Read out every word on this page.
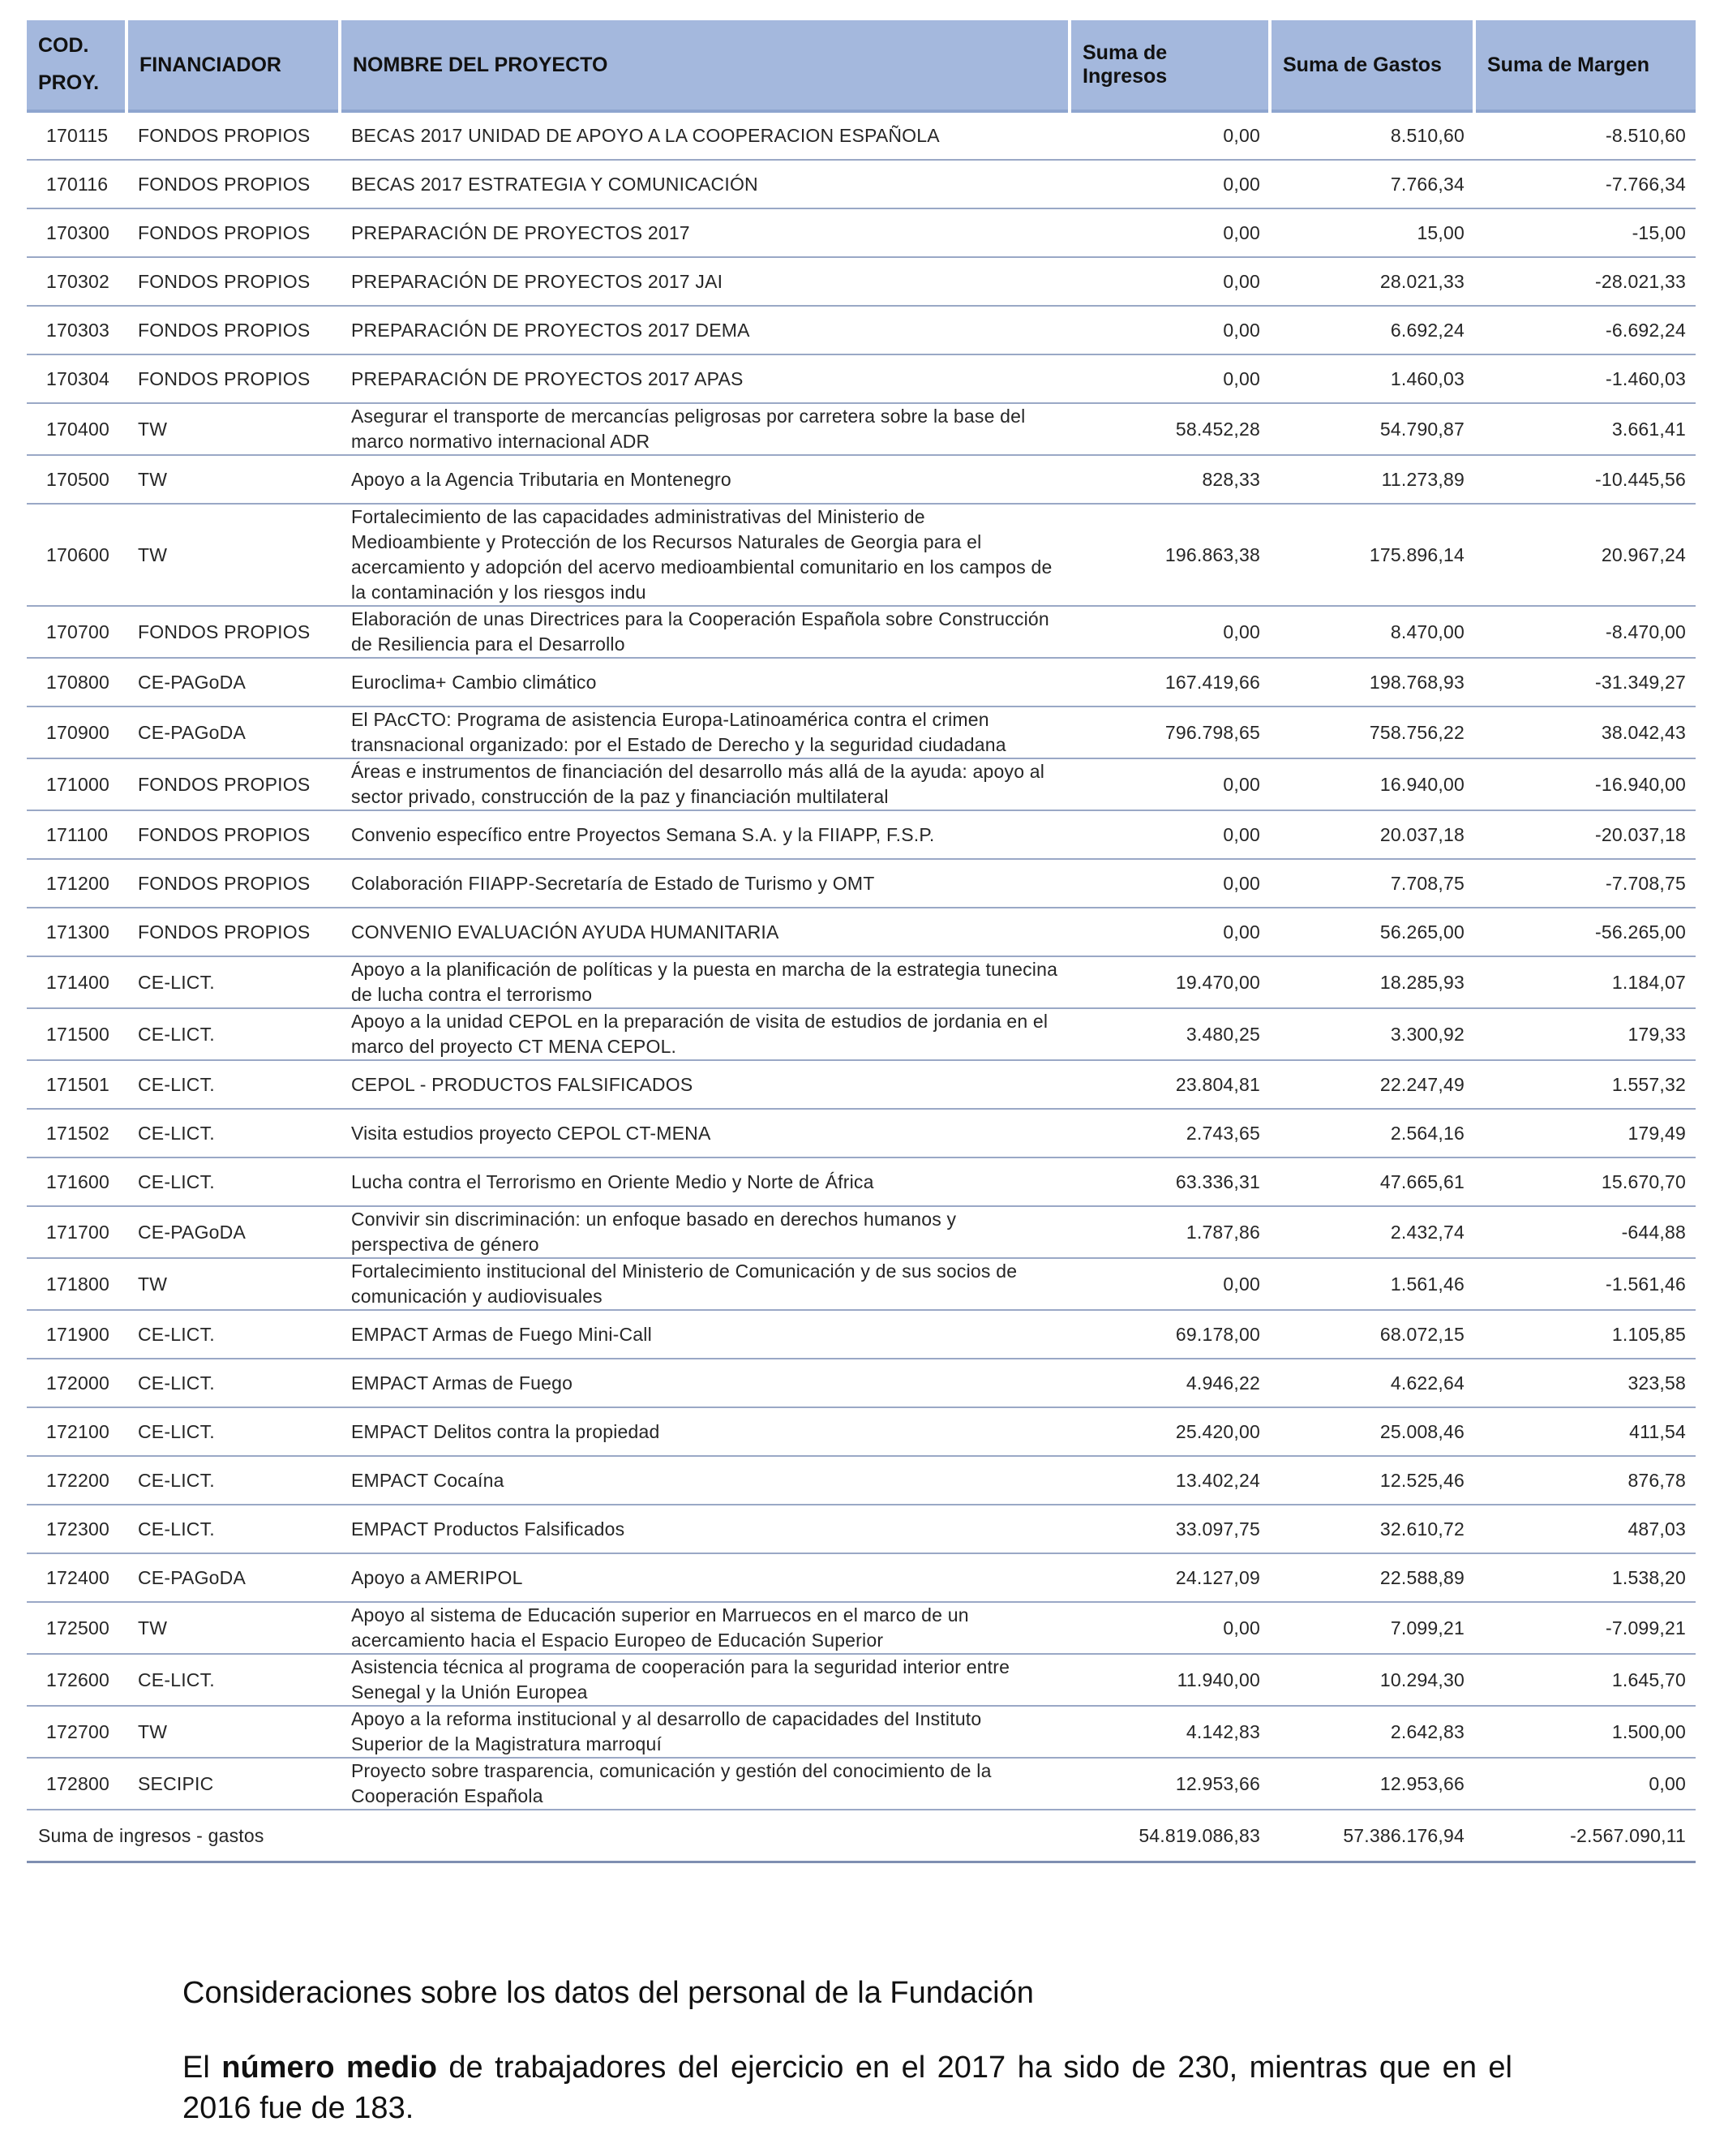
COD.
PROY.	FINANCIADOR	NOMBRE DEL PROYECTO	Suma de Ingresos	Suma de Gastos	Suma de Margen
170115	FONDOS PROPIOS	BECAS 2017 UNIDAD DE APOYO A LA COOPERACION ESPAÑOLA	0,00	8.510,60	-8.510,60
170116	FONDOS PROPIOS	BECAS 2017 ESTRATEGIA Y COMUNICACIÓN	0,00	7.766,34	-7.766,34
170300	FONDOS PROPIOS	PREPARACIÓN DE PROYECTOS 2017	0,00	15,00	-15,00
170302	FONDOS PROPIOS	PREPARACIÓN DE PROYECTOS 2017 JAI	0,00	28.021,33	-28.021,33
170303	FONDOS PROPIOS	PREPARACIÓN DE PROYECTOS 2017 DEMA	0,00	6.692,24	-6.692,24
170304	FONDOS PROPIOS	PREPARACIÓN DE PROYECTOS 2017 APAS	0,00	1.460,03	-1.460,03
170400	TW	Asegurar el transporte de mercancías peligrosas por carretera sobre la base del marco normativo internacional ADR	58.452,28	54.790,87	3.661,41
170500	TW	Apoyo a la Agencia Tributaria en Montenegro	828,33	11.273,89	-10.445,56
170600	TW	Fortalecimiento de las capacidades administrativas del Ministerio de Medioambiente y Protección de los Recursos Naturales de Georgia para el acercamiento y adopción del acervo medioambiental comunitario en los campos de la contaminación y los riesgos indu	196.863,38	175.896,14	20.967,24
170700	FONDOS PROPIOS	Elaboración de unas Directrices para la Cooperación Española sobre Construcción de Resiliencia para el Desarrollo	0,00	8.470,00	-8.470,00
170800	CE-PAGoDA	Euroclima+ Cambio climático	167.419,66	198.768,93	-31.349,27
170900	CE-PAGoDA	El PAcCTO: Programa de asistencia Europa-Latinoamérica contra el crimen transnacional organizado: por el Estado de Derecho y la seguridad ciudadana	796.798,65	758.756,22	38.042,43
171000	FONDOS PROPIOS	Áreas e instrumentos de financiación del desarrollo más allá de la ayuda: apoyo al sector privado, construcción de la paz y financiación multilateral	0,00	16.940,00	-16.940,00
171100	FONDOS PROPIOS	Convenio específico entre Proyectos Semana S.A. y la FIIAPP, F.S.P.	0,00	20.037,18	-20.037,18
171200	FONDOS PROPIOS	Colaboración FIIAPP-Secretaría de Estado de Turismo y OMT	0,00	7.708,75	-7.708,75
171300	FONDOS PROPIOS	CONVENIO EVALUACIÓN AYUDA HUMANITARIA	0,00	56.265,00	-56.265,00
171400	CE-LICT.	Apoyo a la planificación de políticas y la puesta en marcha de la estrategia tunecina de lucha contra el terrorismo	19.470,00	18.285,93	1.184,07
171500	CE-LICT.	Apoyo a la unidad CEPOL en la preparación de visita de estudios de jordania en el marco del proyecto CT MENA CEPOL.	3.480,25	3.300,92	179,33
171501	CE-LICT.	CEPOL - PRODUCTOS FALSIFICADOS	23.804,81	22.247,49	1.557,32
171502	CE-LICT.	Visita estudios proyecto CEPOL CT-MENA	2.743,65	2.564,16	179,49
171600	CE-LICT.	Lucha contra el Terrorismo en Oriente Medio y Norte de África	63.336,31	47.665,61	15.670,70
171700	CE-PAGoDA	Convivir sin discriminación: un enfoque basado en derechos humanos y perspectiva de género	1.787,86	2.432,74	-644,88
171800	TW	Fortalecimiento institucional del Ministerio de Comunicación y de sus socios de comunicación y audiovisuales	0,00	1.561,46	-1.561,46
171900	CE-LICT.	EMPACT Armas de Fuego Mini-Call	69.178,00	68.072,15	1.105,85
172000	CE-LICT.	EMPACT Armas de Fuego	4.946,22	4.622,64	323,58
172100	CE-LICT.	EMPACT Delitos contra la propiedad	25.420,00	25.008,46	411,54
172200	CE-LICT.	EMPACT Cocaína	13.402,24	12.525,46	876,78
172300	CE-LICT.	EMPACT Productos Falsificados	33.097,75	32.610,72	487,03
172400	CE-PAGoDA	Apoyo a AMERIPOL	24.127,09	22.588,89	1.538,20
172500	TW	Apoyo al sistema de Educación superior en Marruecos en el marco de un acercamiento hacia el Espacio Europeo de Educación Superior	0,00	7.099,21	-7.099,21
172600	CE-LICT.	Asistencia técnica al programa de cooperación para la seguridad interior entre Senegal y la Unión Europea	11.940,00	10.294,30	1.645,70
172700	TW	Apoyo a la reforma institucional y al desarrollo de capacidades del Instituto Superior de la Magistratura marroquí	4.142,83	2.642,83	1.500,00
172800	SECIPIC	Proyecto sobre trasparencia, comunicación y gestión del conocimiento de la Cooperación Española	12.953,66	12.953,66	0,00
Suma de ingresos - gastos			54.819.086,83	57.386.176,94	-2.567.090,11

Consideraciones sobre los datos del personal de la Fundación

El número medio de trabajadores del ejercicio en el 2017 ha sido de 230, mientras que en el 2016 fue de 183.
